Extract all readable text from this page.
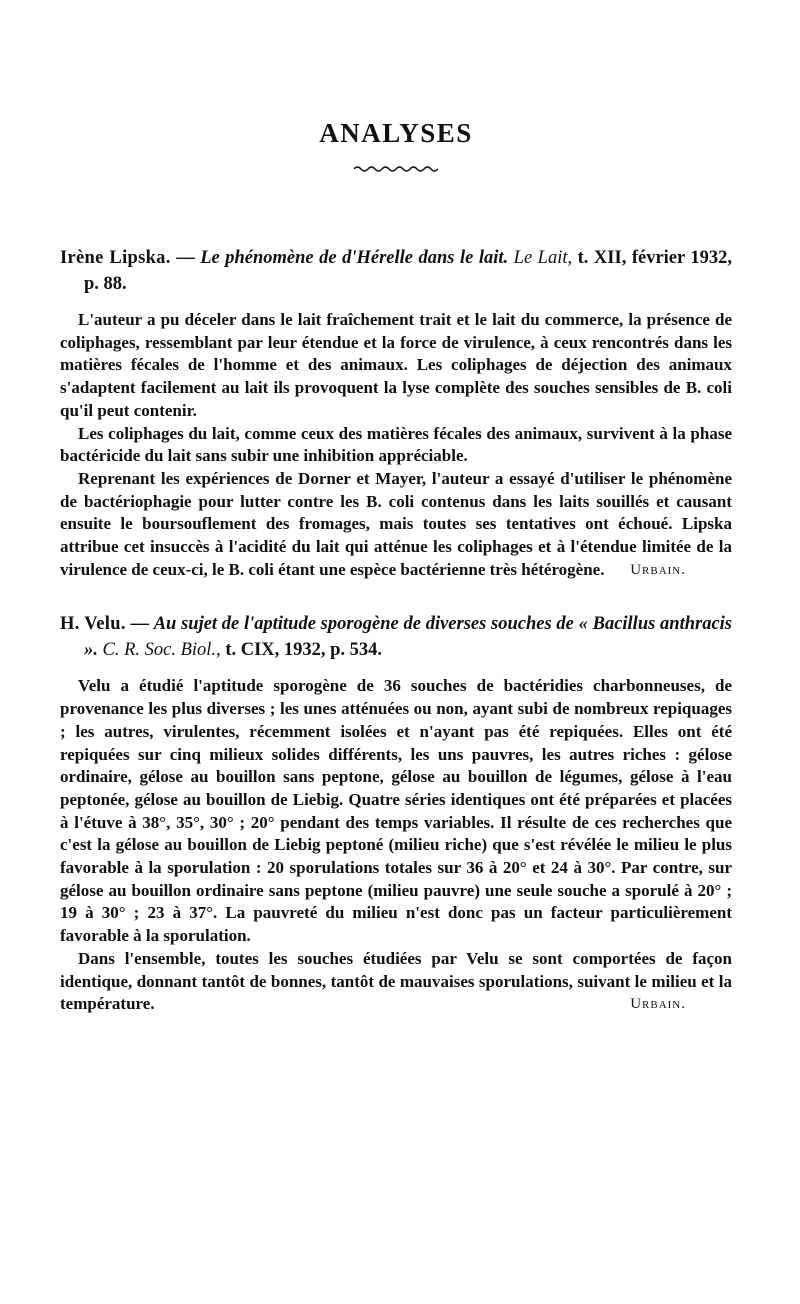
ANALYSES
Irène Lipska. — Le phénomène de d'Hérelle dans le lait. Le Lait, t. XII, février 1932, p. 88.

L'auteur a pu déceler dans le lait fraîchement trait et le lait du commerce, la présence de coliphages, ressemblant par leur étendue et la force de virulence, à ceux rencontrés dans les matières fécales de l'homme et des animaux. Les coliphages de déjection des animaux s'adaptent facilement au lait ils provoquent la lyse complète des souches sensibles de B. coli qu'il peut contenir.

Les coliphages du lait, comme ceux des matières fécales des animaux, survivent à la phase bactéricide du lait sans subir une inhibition appréciable.

Reprenant les expériences de Dorner et Mayer, l'auteur a essayé d'utiliser le phénomène de bactériophagie pour lutter contre les B. coli contenus dans les laits souillés et causant ensuite le boursouflement des fromages, mais toutes ses tentatives ont échoué. Lipska attribue cet insuccès à l'acidité du lait qui atténue les coliphages et à l'étendue limitée de la virulence de ceux-ci, le B. coli étant une espèce bactérienne très hétérogène.	Urbain.

H. Velu. — Au sujet de l'aptitude sporogène de diverses souches de « Bacillus anthracis ». C. R. Soc. Biol., t. CIX, 1932, p. 534.

Velu a étudié l'aptitude sporogène de 36 souches de bactéridies charbonneuses, de provenance les plus diverses ; les unes atténuées ou non, ayant subi de nombreux repiquages ; les autres, virulentes, récemment isolées et n'ayant pas été repiquées. Elles ont été repiquées sur cinq milieux solides différents, les uns pauvres, les autres riches : gélose ordinaire, gélose au bouillon sans peptone, gélose au bouillon de légumes, gélose à l'eau peptonée, gélose au bouillon de Liebig. Quatre séries identiques ont été préparées et placées à l'étuve à 38°, 35°, 30° ; 20° pendant des temps variables. Il résulte de ces recherches que c'est la gélose au bouillon de Liebig peptoné (milieu riche) que s'est révélée le milieu le plus favorable à la sporulation : 20 sporulations totales sur 36 à 20° et 24 à 30°. Par contre, sur gélose au bouillon ordinaire sans peptone (milieu pauvre) une seule souche a sporulé à 20° ; 19 à 30° ; 23 à 37°. La pauvreté du milieu n'est donc pas un facteur particulièrement favorable à la sporulation.

Dans l'ensemble, toutes les souches étudiées par Velu se sont comportées de façon identique, donnant tantôt de bonnes, tantôt de mauvaises sporulations, suivant le milieu et la température.	Urbain.
